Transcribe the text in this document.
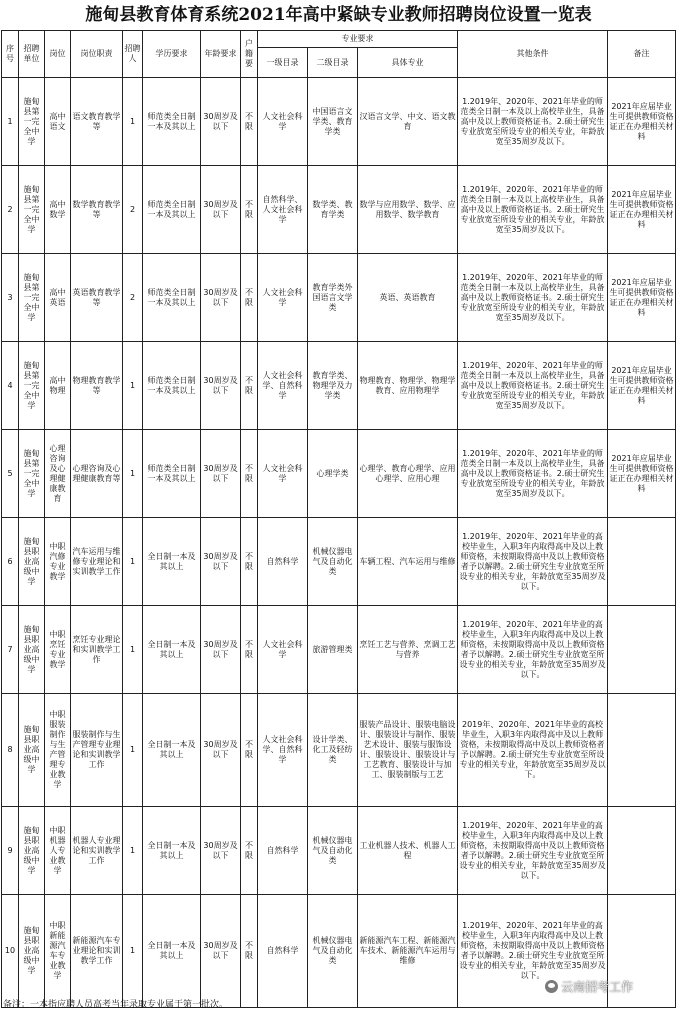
施甸县教育体育系统2021年高中紧缺专业教师招聘岗位设置一览表
序号	招聘单位	岗位	岗位职责	招聘人	学历要求	年龄要求	户籍要	专业要求			其他条件	备注
								一级目录	二级目录	具体专业		
1	施甸县第一完全中学	高中语文	语文教育教学等	1	师范类全日制一本及其以上	30周岁及以下	不限	人文社会科学	中国语言文学类、教育学类	汉语言文学、中文、语文教育	1.2019年、2020年、2021年毕业的师范类全日制一本及以上高校毕业生，具备高中及以上教师资格证书。2.硕士研究生专业放宽至所设专业的相关专业，年龄放宽至35周岁及以下。	2021年应届毕业生可提供教师资格证正在办理相关材料
2	施甸县第一完全中学	高中数学	数学教育教学等	2	师范类全日制一本及其以上	30周岁及以下	不限	自然科学、人文社会科学	数学类、教育学类	数学与应用数学、数学、应用数学、数学教育	1.2019年、2020年、2021年毕业的师范类全日制一本及以上高校毕业生，具备高中及以上教师资格证书。2.硕士研究生专业放宽至所设专业的相关专业，年龄放宽至35周岁及以下。	2021年应届毕业生可提供教师资格证正在办理相关材料
3	施甸县第一完全中学	高中英语	英语教育教学等	2	师范类全日制一本及其以上	30周岁及以下	不限	人文社会科学	教育学类外国语言文学类	英语、英语教育	1.2019年、2020年、2021年毕业的师范类全日制一本及以上高校毕业生，具备高中及以上教师资格证书。2.硕士研究生专业放宽至所设专业的相关专业，年龄放宽至35周岁及以下。	2021年应届毕业生可提供教师资格证正在办理相关材料
4	施甸县第一完全中学	高中物理	物理教育教学等	1	师范类全日制一本及其以上	30周岁及以下	不限	人文社会科学、自然科学	教育学类、物理学及力学类	物理教育、物理学、物理学教育、应用物理学	1.2019年、2020年、2021年毕业的师范类全日制一本及以上高校毕业生，具备高中及以上教师资格证书。2.硕士研究生专业放宽至所设专业的相关专业，年龄放宽至35周岁及以下。	2021年应届毕业生可提供教师资格证正在办理相关材料
5	施甸县第一完全中学	心理咨询及心理健康教育	心理咨询及心理健康教育等	1	师范类全日制一本及其以上	30周岁及以下	不限	人文社会科学	心理学类	心理学、教育心理学、应用心理学、应用心理	1.2019年、2020年、2021年毕业的师范类全日制一本及以上高校毕业生，具备高中及以上教师资格证书。2.硕士研究生专业放宽至所设专业的相关专业，年龄放宽至35周岁及以下。	2021年应届毕业生可提供教师资格证正在办理相关材料
6	施甸县职业高级中学	中职汽修专业教学	汽车运用与维修专业理论和实训教学工作	1	全日制一本及其以上	30周岁及以下	不限	自然科学	机械仪器电气及自动化类	车辆工程、汽车运用与维修	1.2019年、2020年、2021年毕业的高校毕业生，入职3年内取得高中及以上教师资格，未按期取得高中及以上教师资格者予以解聘。2.硕士研究生专业放宽至所设专业的相关专业，年龄放宽至35周岁及以下。	
7	施甸县职业高级中学	中职烹饪专业教学	烹饪专业理论和实训教学工作	1	全日制一本及其以上	30周岁及以下	不限	人文社会科学	旅游管理类	烹饪工艺与营养、烹调工艺与营养	1.2019年、2020年、2021年毕业的高校毕业生，入职3年内取得高中及以上教师资格，未按期取得高中及以上教师资格者予以解聘。2.硕士研究生专业放宽至所设专业的相关专业，年龄放宽至35周岁及以下。	
8	施甸县职业高级中学	中职服装制作与生产管理专业教学	服装制作与生产管理专业理论和实训教学工作	1	全日制一本及其以上	30周岁及以下	不限	人文社会科学、自然科学	设计学类、化工及轻纺类	服装产品设计、服装电脑设计、服装设计与制作、服装艺术设计、服装与服饰设计、服装设计、服装设计与工艺教育、服装设计与加工、服装制版与工艺	2019年、2020年、2021年毕业的高校毕业生，入职3年内取得高中及以上教师资格，未按期取得高中及以上教师资格者予以解聘。2.硕士研究生专业放宽至所设专业的相关专业，年龄放宽至35周岁及以下。	
9	施甸县职业高级中学	中职机器人专业教学	机器人专业理论和实训教学工作	1	全日制一本及其以上	30周岁及以下	不限	自然科学	机械仪器电气及自动化类	工业机器人技术、机器人工程	1.2019年、2020年、2021年毕业的高校毕业生，入职3年内取得高中及以上教师资格，未按期取得高中及以上教师资格者予以解聘。2.硕士研究生专业放宽至所设专业的相关专业，年龄放宽至35周岁及以下。	
10	施甸县职业高级中学	中职新能源汽车专业教学	新能源汽车专业理论和实训教学工作	1	全日制一本及其以上	30周岁及以下	不限	自然科学	机械仪器电气及自动化类	新能源汽车工程、新能源汽车技术、新能源汽车运用与维修	1.2019年、2020年、2021年毕业的高校毕业生，入职3年内取得高中及以上教师资格，未按期取得高中及以上教师资格者予以解聘。2.硕士研究生专业放宽至所设专业的相关专业，年龄放宽至35周岁及以下。	
云南招考工作
备注：一本指应聘人员高考当年录取专业属于第一批次。
